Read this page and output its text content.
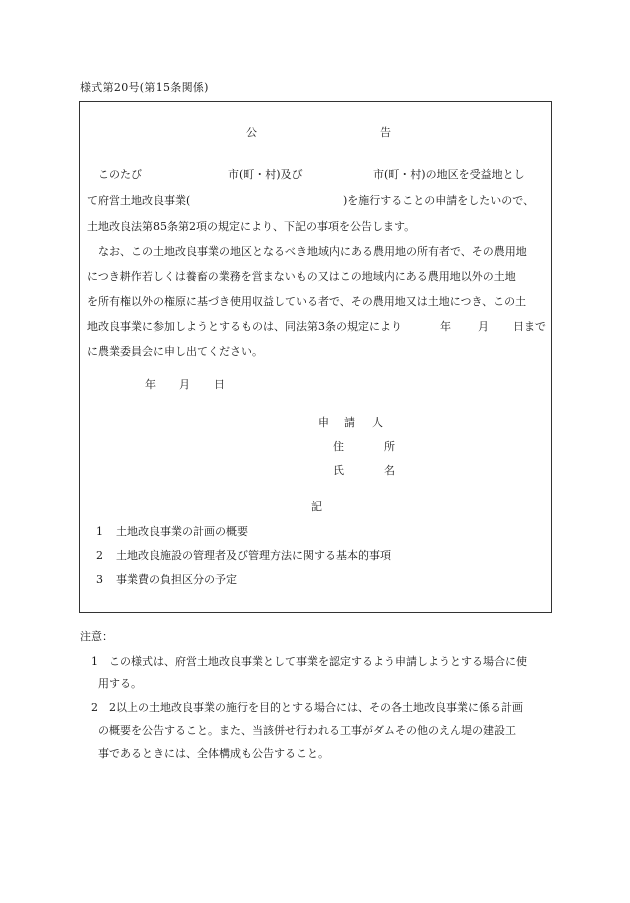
様式第20号(第15条関係)
公	告
このたび	市(町・村)及び	市(町・村)の地区を受益地とし
て府営土地改良事業(	)を施行することの申請をしたいので、
土地改良法第85条第2項の規定により、下記の事項を公告します。
なお、この土地改良事業の地区となるべき地域内にある農用地の所有者で、その農用地
につき耕作若しくは養畜の業務を営まないもの又はこの地域内にある農用地以外の土地
を所有権以外の権原に基づき使用収益している者で、その農用地又は土地につき、この土
地改良事業に参加しようとするものは、同法第3条の規定により	年 月 日まで
に農業委員会に申し出てください。
年 月 日
申 請 人
住	所
氏	名
記
1 土地改良事業の計画の概要
2 土地改良施設の管理者及び管理方法に関する基本的事項
3 事業費の負担区分の予定
注意：
1 この様式は、府営土地改良事業として事業を認定するよう申請しようとする場合に使
用する。
2 2以上の土地改良事業の施行を目的とする場合には、その各土地改良事業に係る計画
の概要を公告すること。また、当該併せ行われる工事がダムその他のえん堤の建設工
事であるときには、全体構成も公告すること。
